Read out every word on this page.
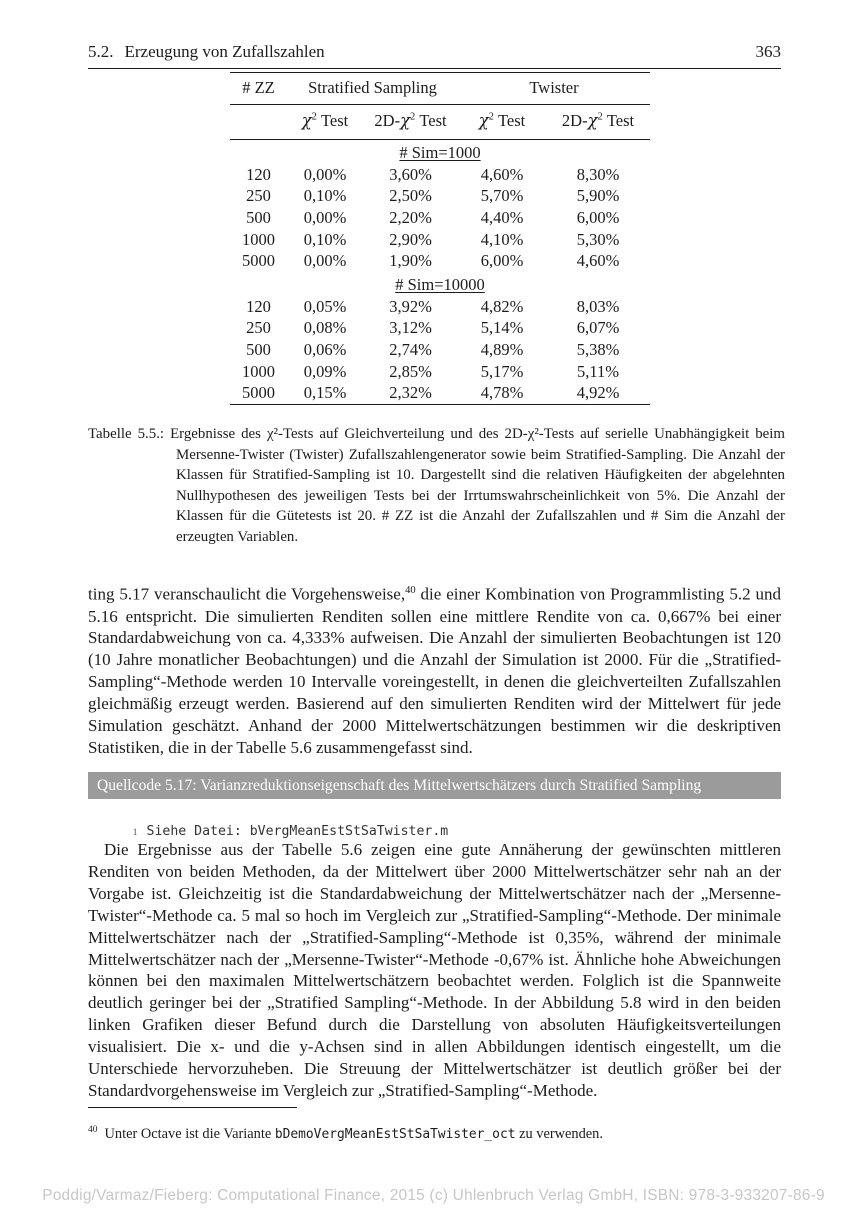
5.2. Erzeugung von Zufallszahlen	363
# ZZ	Stratified Sampling		Twister	
	$\chi^2$ Test	$2D-\chi^2$ Test	$\chi^2$ Test	$2D-\chi^2$ Test
# Sim=1000				
120	0,00%	3,60%	4,60%	8,30%
250	0,10%	2,50%	5,70%	5,90%
500	0,00%	2,20%	4,40%	6,00%
1000	0,10%	2,90%	4,10%	5,30%
5000	0,00%	1,90%	6,00%	4,60%
# Sim=10000				
120	0,05%	3,92%	4,82%	8,03%
250	0,08%	3,12%	5,14%	6,07%
500	0,06%	2,74%	4,89%	5,38%
1000	0,09%	2,85%	5,17%	5,11%
5000	0,15%	2,32%	4,78%	4,92%
Tabelle 5.5.: Ergebnisse des χ²-Tests auf Gleichverteilung und des 2D-χ²-Tests auf serielle Unabhängigkeit beim Mersenne-Twister (Twister) Zufallszahlengenerator sowie beim Stratified-Sampling. Die Anzahl der Klassen für Stratified-Sampling ist 10. Dargestellt sind die relativen Häufigkeiten der abgelehnten Nullhypothesen des jeweiligen Tests bei der Irrtumswahrscheinlichkeit von 5%. Die Anzahl der Klassen für die Gütetests ist 20. # ZZ ist die Anzahl der Zufallszahlen und # Sim die Anzahl der erzeugten Variablen.

ting 5.17 veranschaulicht die Vorgehensweise,$^{40}$ die einer Kombination von Programmlisting 5.2 und 5.16 entspricht. Die simulierten Renditen sollen eine mittlere Rendite von ca. 0,667% bei einer Standardabweichung von ca. 4,333% aufweisen. Die Anzahl der simulierten Beobachtungen ist 120 (10 Jahre monatlicher Beobachtungen) und die Anzahl der Simulation ist 2000. Für die „Stratified-Sampling“-Methode werden 10 Intervalle voreingestellt, in denen die gleichverteilten Zufallszahlen gleichmäßig erzeugt werden. Basierend auf den simulierten Renditen wird der Mittelwert für jede Simulation geschätzt. Anhand der 2000 Mittelwertschätzungen bestimmen wir die deskriptiven Statistiken, die in der Tabelle 5.6 zusammengefasst sind.

Quellcode 5.17: Varianzreduktionseigenschaft des Mittelwertschätzers durch Stratified Sampling

1 Siehe Datei: bVergMeanEstStSaTwister.m

Die Ergebnisse aus der Tabelle 5.6 zeigen eine gute Annäherung der gewünschten mittleren Renditen von beiden Methoden, da der Mittelwert über 2000 Mittelwertschätzer sehr nah an der Vorgabe ist. Gleichzeitig ist die Standardabweichung der Mittelwertschätzer nach der „Mersenne-Twister“-Methode ca. 5 mal so hoch im Vergleich zur „Stratified-Sampling“-Methode. Der minimale Mittelwertschätzer nach der „Stratified-Sampling“-Methode ist 0,35%, während der minimale Mittelwertschätzer nach der „Mersenne-Twister“-Methode -0,67% ist. Ähnliche hohe Abweichungen können bei den maximalen Mittelwertschätzern beobachtet werden. Folglich ist die Spannweite deutlich geringer bei der „Stratified Sampling“-Methode. In der Abbildung 5.8 wird in den beiden linken Grafiken dieser Befund durch die Darstellung von absoluten Häufigkeitsverteilungen visualisiert. Die x- und die y-Achsen sind in allen Abbildungen identisch eingestellt, um die Unterschiede hervorzuheben. Die Streuung der Mittelwertschätzer ist deutlich größer bei der Standardvorgehensweise im Vergleich zur „Stratified-Sampling“-Methode.

$^{40}$ Unter Octave ist die Variante bDemoVergMeanEstStSaTwister_oct zu verwenden.
Poddig/Varmaz/Fieberg: Computational Finance, 2015 (c) Uhlenbruch Verlag GmbH, ISBN: 978-3-933207-86-9
